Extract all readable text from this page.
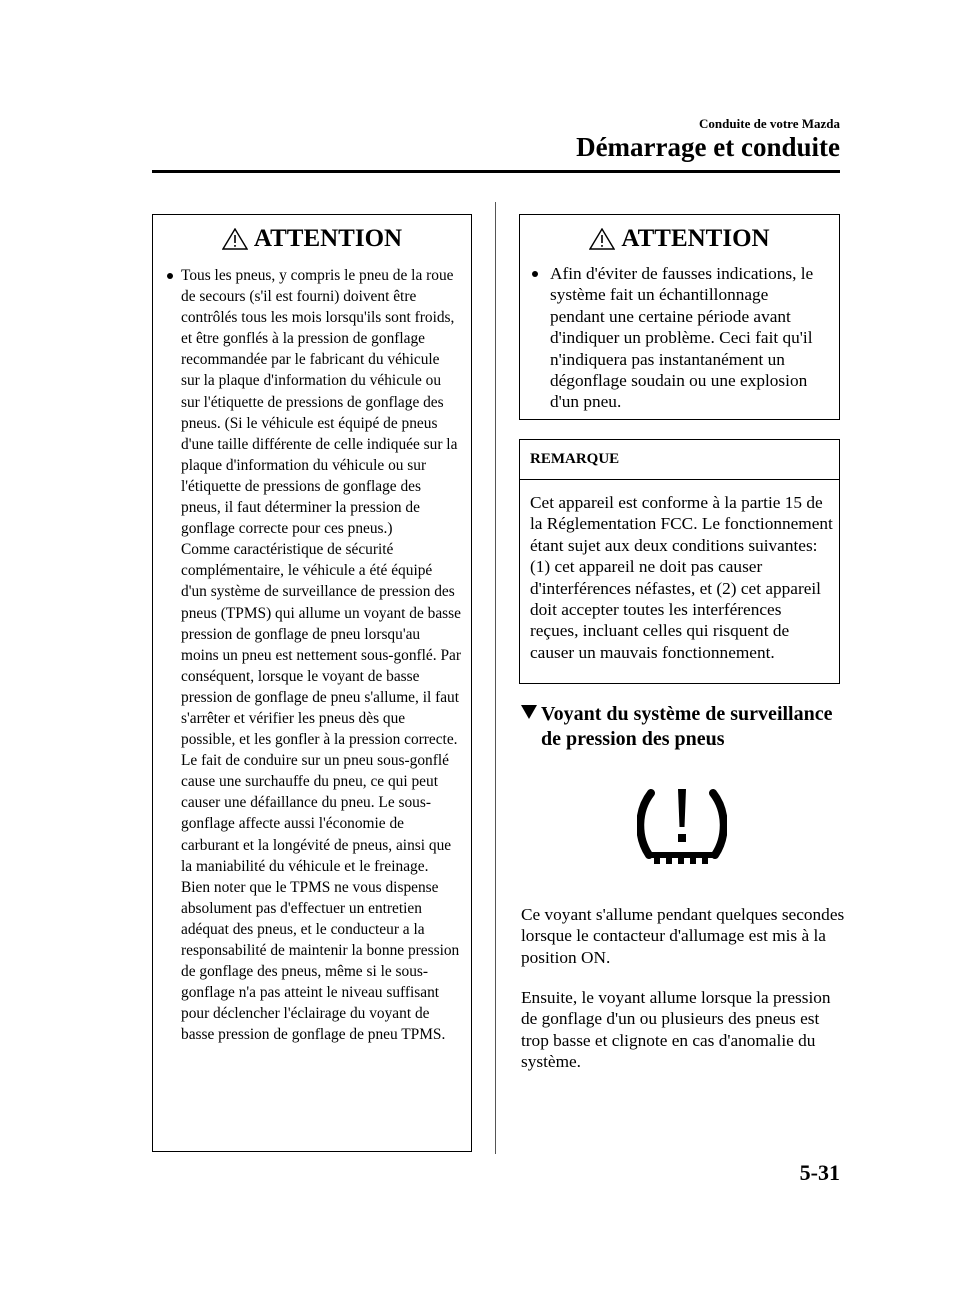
Conduite de votre Mazda
Démarrage et conduite
ATTENTION
Tous les pneus, y compris le pneu de la roue de secours (s'il est fourni) doivent être contrôlés tous les mois lorsqu'ils sont froids, et être gonflés à la pression de gonflage recommandée par le fabricant du véhicule sur la plaque d'information du véhicule ou sur l'étiquette de pressions de gonflage des pneus. (Si le véhicule est équipé de pneus d'une taille différente de celle indiquée sur la plaque d'information du véhicule ou sur l'étiquette de pressions de gonflage des pneus, il faut déterminer la pression de gonflage correcte pour ces pneus.)
Comme caractéristique de sécurité complémentaire, le véhicule a été équipé d'un système de surveillance de pression des pneus (TPMS) qui allume un voyant de basse pression de gonflage de pneu lorsqu'au moins un pneu est nettement sous-gonflé. Par conséquent, lorsque le voyant de basse pression de gonflage de pneu s'allume, il faut s'arrêter et vérifier les pneus dès que possible, et les gonfler à la pression correcte. Le fait de conduire sur un pneu sous-gonflé cause une surchauffe du pneu, ce qui peut causer une défaillance du pneu. Le sous-gonflage affecte aussi l'économie de carburant et la longévité de pneus, ainsi que la maniabilité du véhicule et le freinage.
Bien noter que le TPMS ne vous dispense absolument pas d'effectuer un entretien adéquat des pneus, et le conducteur a la responsabilité de maintenir la bonne pression de gonflage des pneus, même si le sous-gonflage n'a pas atteint le niveau suffisant pour déclencher l'éclairage du voyant de basse pression de gonflage de pneu TPMS.
ATTENTION
Afin d'éviter de fausses indications, le système fait un échantillonnage pendant une certaine période avant d'indiquer un problème. Ceci fait qu'il n'indiquera pas instantanément un dégonflage soudain ou une explosion d'un pneu.
REMARQUE
Cet appareil est conforme à la partie 15 de la Réglementation FCC. Le fonctionnement étant sujet aux deux conditions suivantes: (1) cet appareil ne doit pas causer d'interférences néfastes, et (2) cet appareil doit accepter toutes les interférences reçues, incluant celles qui risquent de causer un mauvais fonctionnement.
Voyant du système de surveillance
de pression des pneus
Ce voyant s'allume pendant quelques secondes lorsque le contacteur d'allumage est mis à la position ON.
Ensuite, le voyant allume lorsque la pression de gonflage d'un ou plusieurs des pneus est trop basse et clignote en cas d'anomalie du système.
5-31
